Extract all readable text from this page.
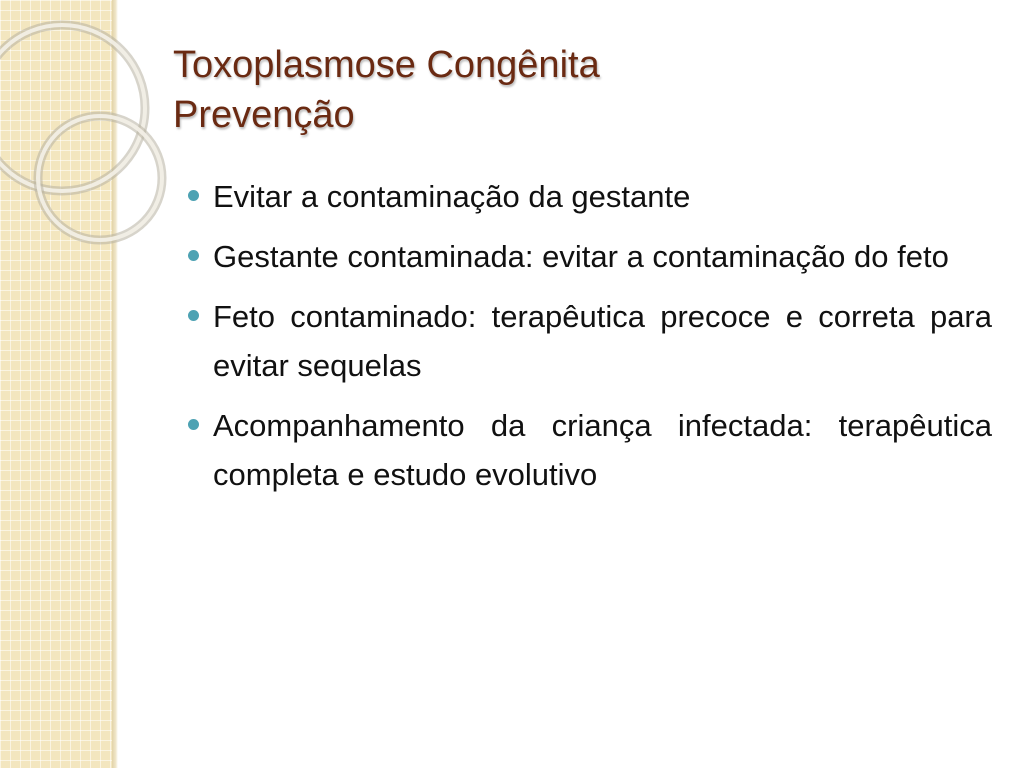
Toxoplasmose Congênita
Prevenção
Evitar a contaminação da gestante
Gestante contaminada: evitar a contaminação do feto
Feto contaminado: terapêutica precoce e correta para evitar sequelas
Acompanhamento da criança infectada: terapêutica completa e estudo evolutivo
